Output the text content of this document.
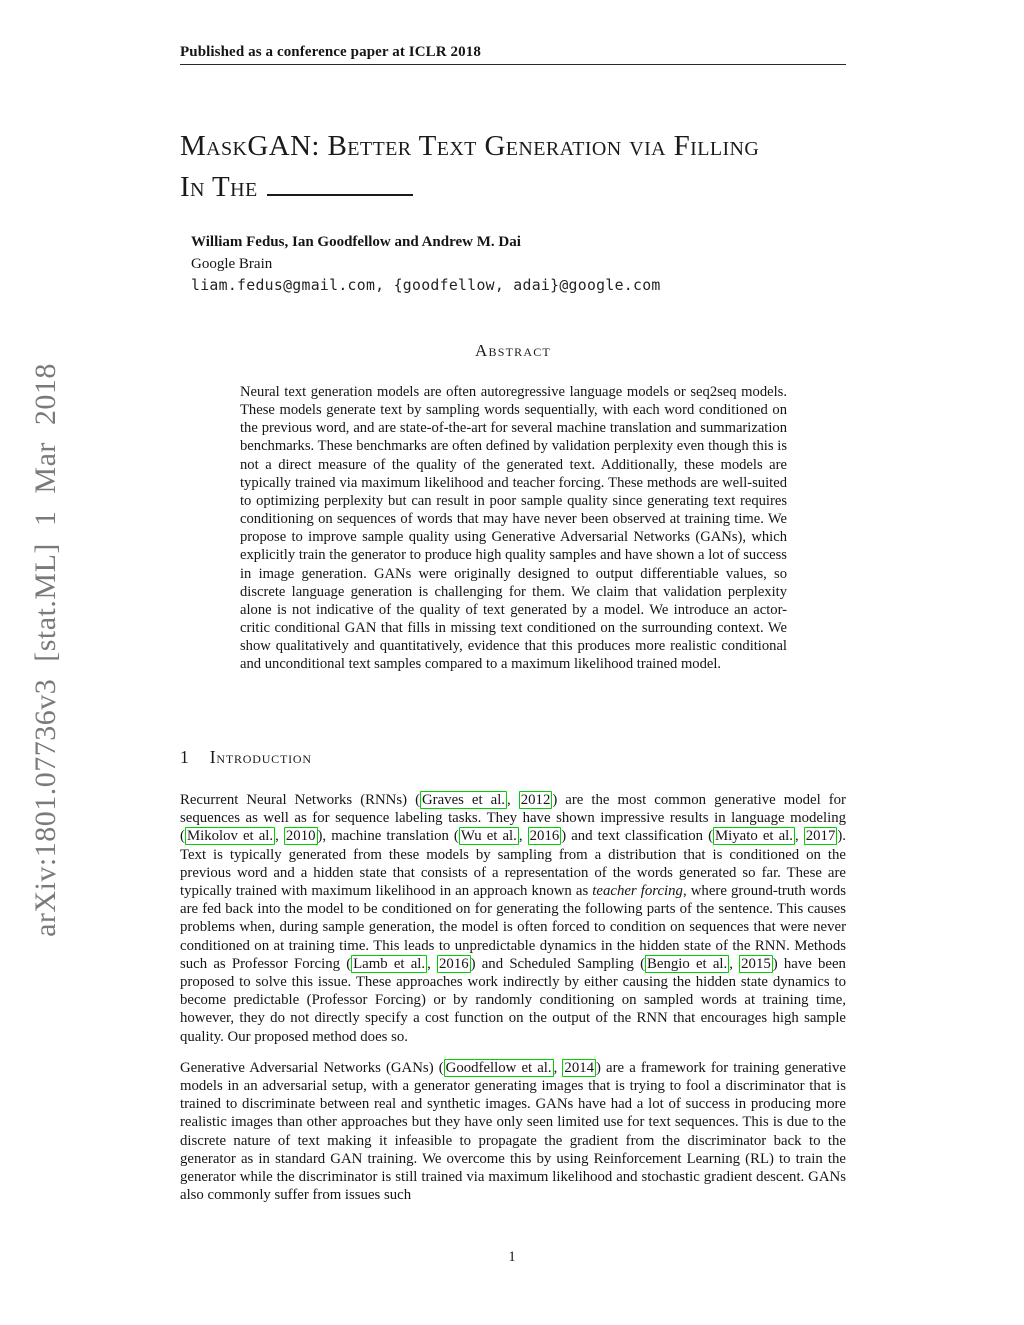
arXiv:1801.07736v3 [stat.ML] 1 Mar 2018
Published as a conference paper at ICLR 2018
MaskGAN: Better Text Generation via Filling
In The
William Fedus, Ian Goodfellow and Andrew M. Dai
Google Brain
liam.fedus@gmail.com, {goodfellow, adai}@google.com
Abstract
Neural text generation models are often autoregressive language models or seq2seq models. These models generate text by sampling words sequentially, with each word conditioned on the previous word, and are state-of-the-art for several machine translation and summarization benchmarks. These benchmarks are often defined by validation perplexity even though this is not a direct measure of the quality of the generated text. Additionally, these models are typically trained via maximum likelihood and teacher forcing. These methods are well-suited to optimizing perplexity but can result in poor sample quality since generating text requires conditioning on sequences of words that may have never been observed at training time. We propose to improve sample quality using Generative Adversarial Networks (GANs), which explicitly train the generator to produce high quality samples and have shown a lot of success in image generation. GANs were originally designed to output differentiable values, so discrete language generation is challenging for them. We claim that validation perplexity alone is not indicative of the quality of text generated by a model. We introduce an actor-critic conditional GAN that fills in missing text conditioned on the surrounding context. We show qualitatively and quantitatively, evidence that this produces more realistic conditional and unconditional text samples compared to a maximum likelihood trained model.
1 Introduction

Recurrent Neural Networks (RNNs) ( Graves et al. , 2012 ) are the most common generative model for sequences as well as for sequence labeling tasks. They have shown impressive results in language modeling ( Mikolov et al. , 2010 ), machine translation ( Wu et al. , 2016 ) and text classification ( Miyato et al. , 2017 ). Text is typically generated from these models by sampling from a distribution that is conditioned on the previous word and a hidden state that consists of a representation of the words generated so far. These are typically trained with maximum likelihood in an approach known as teacher forcing, where ground-truth words are fed back into the model to be conditioned on for generating the following parts of the sentence. This causes problems when, during sample generation, the model is often forced to condition on sequences that were never conditioned on at training time. This leads to unpredictable dynamics in the hidden state of the RNN. Methods such as Professor Forcing ( Lamb et al. , 2016 ) and Scheduled Sampling ( Bengio et al. , 2015 ) have been proposed to solve this issue. These approaches work indirectly by either causing the hidden state dynamics to become predictable (Professor Forcing) or by randomly conditioning on sampled words at training time, however, they do not directly specify a cost function on the output of the RNN that encourages high sample quality. Our proposed method does so.

Generative Adversarial Networks (GANs) ( Goodfellow et al. , 2014 ) are a framework for training generative models in an adversarial setup, with a generator generating images that is trying to fool a discriminator that is trained to discriminate between real and synthetic images. GANs have had a lot of success in producing more realistic images than other approaches but they have only seen limited use for text sequences. This is due to the discrete nature of text making it infeasible to propagate the gradient from the discriminator back to the generator as in standard GAN training. We overcome this by using Reinforcement Learning (RL) to train the generator while the discriminator is still trained via maximum likelihood and stochastic gradient descent. GANs also commonly suffer from issues such

1
